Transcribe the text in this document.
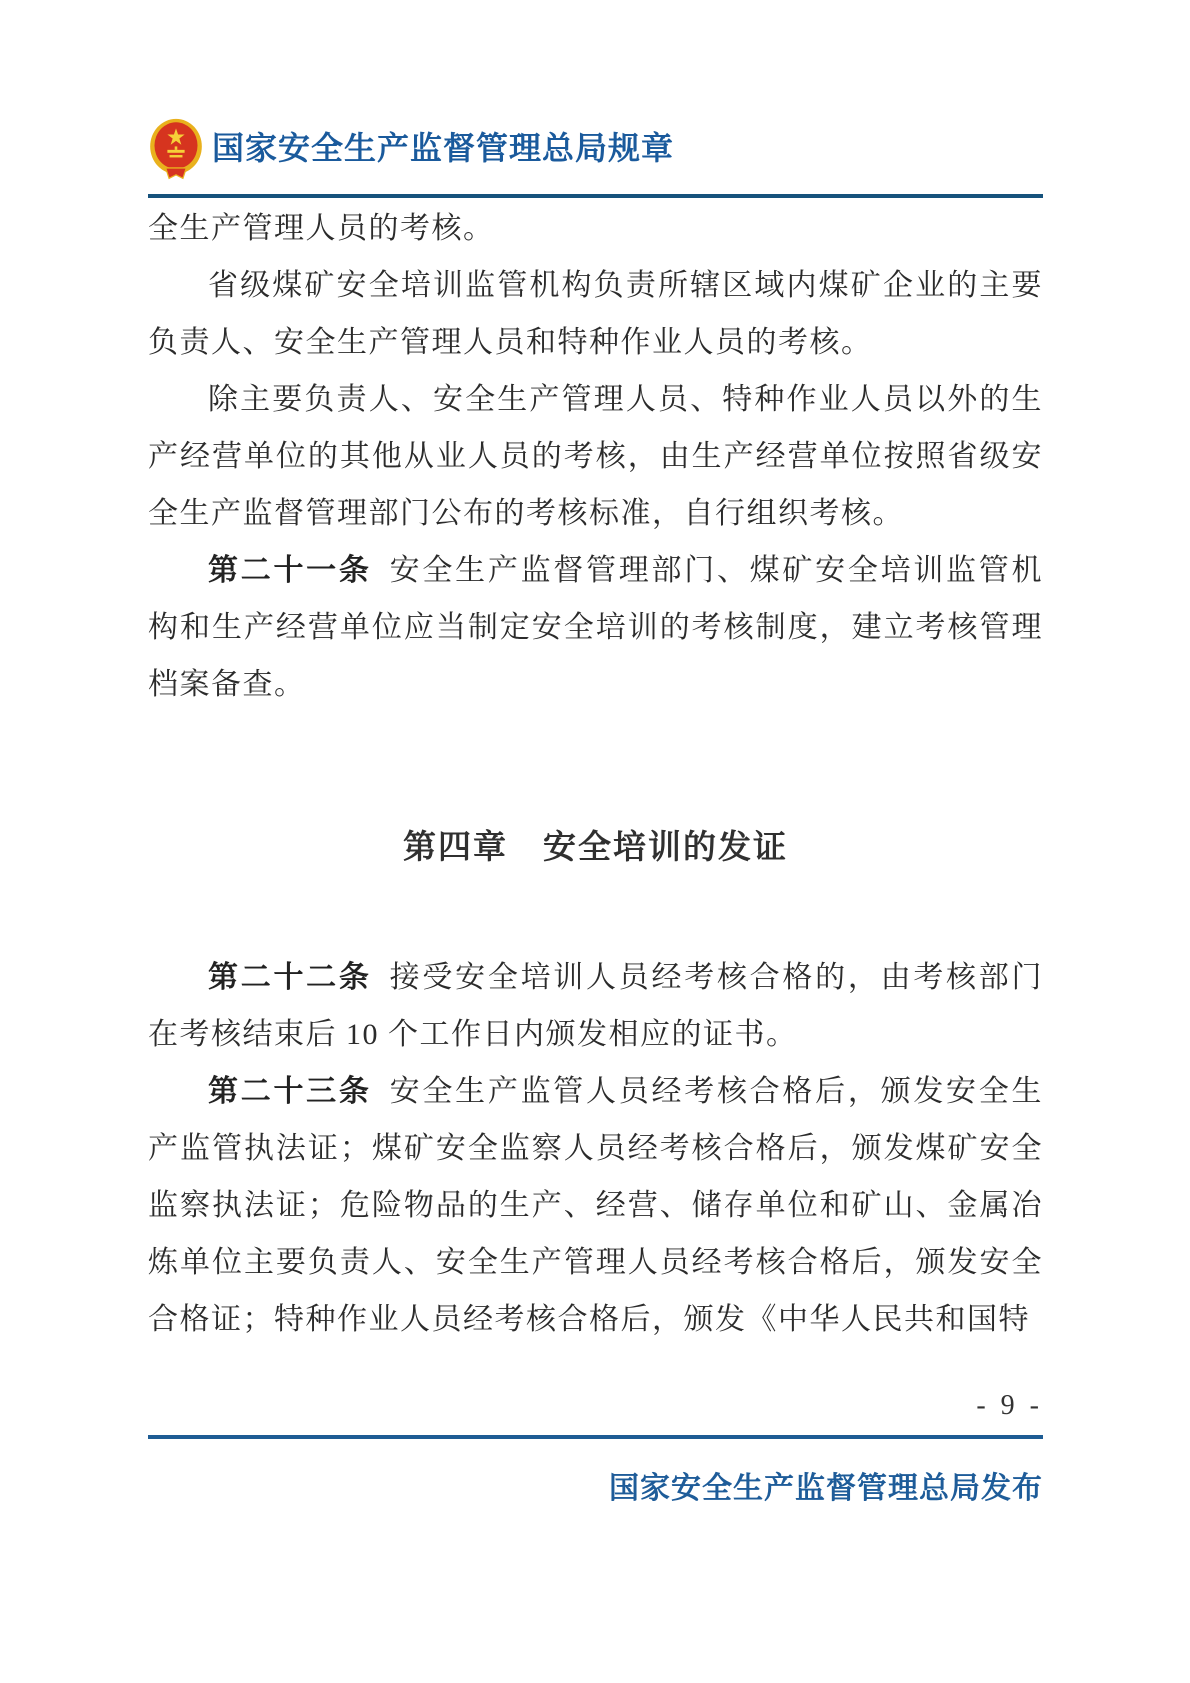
国家安全生产监督管理总局规章

全生产管理人员的考核。

省级煤矿安全培训监管机构负责所辖区域内煤矿企业的主要负责人、安全生产管理人员和特种作业人员的考核。

除主要负责人、安全生产管理人员、特种作业人员以外的生产经营单位的其他从业人员的考核，由生产经营单位按照省级安全生产监督管理部门公布的考核标准，自行组织考核。

第二十一条 安全生产监督管理部门、煤矿安全培训监管机构和生产经营单位应当制定安全培训的考核制度，建立考核管理档案备查。

第四章　安全培训的发证

第二十二条 接受安全培训人员经考核合格的，由考核部门在考核结束后 10 个工作日内颁发相应的证书。

第二十三条 安全生产监管人员经考核合格后，颁发安全生产监管执法证；煤矿安全监察人员经考核合格后，颁发煤矿安全监察执法证；危险物品的生产、经营、储存单位和矿山、金属冶炼单位主要负责人、安全生产管理人员经考核合格后，颁发安全合格证；特种作业人员经考核合格后，颁发《中华人民共和国特

- 9 -
国家安全生产监督管理总局发布
